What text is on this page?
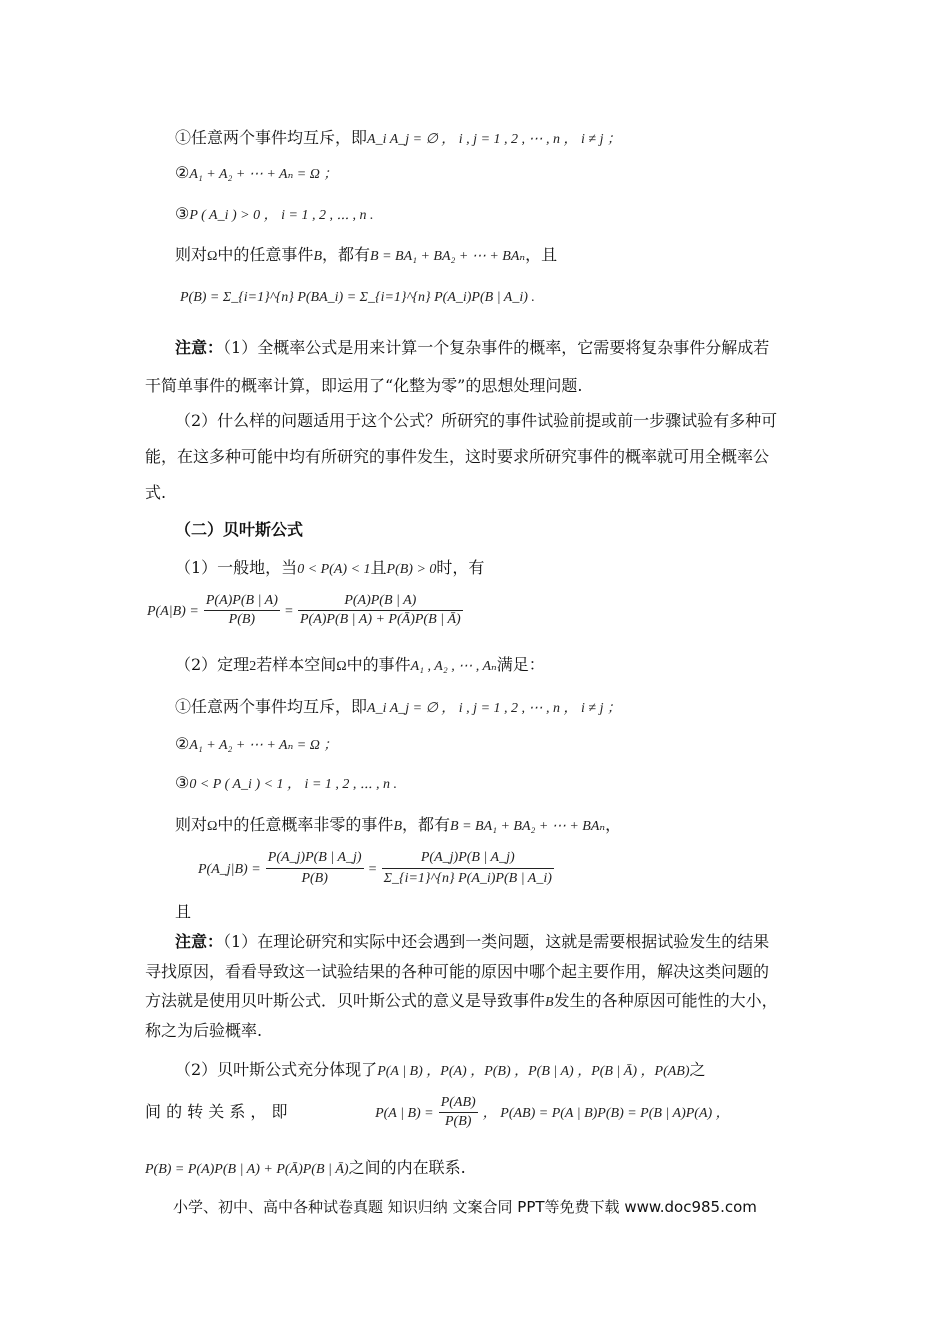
①任意两个事件均互斥，即A_i A_j = ∅ ， i , j = 1 , 2 , ⋯ , n ， i ≠ j ；
②A₁ + A₂ + ⋯ + Aₙ = Ω ；
③P ( A_i ) > 0 ， i = 1 , 2 , ⋯ , n .
则对Ω中的任意事件B，都有B = BA₁ + BA₂ + ⋯ + BAₙ，且
P(B) = Σ_{i=1}^{n} P(BA_i) = Σ_{i=1}^{n} P(A_i)P(B | A_i) .
注意：（1）全概率公式是用来计算一个复杂事件的概率，它需要将复杂事件分解成若
干简单事件的概率计算，即运用了“化整为零”的思想处理问题.
（2）什么样的问题适用于这个公式？所研究的事件试验前提或前一步骤试验有多种可
能，在这多种可能中均有所研究的事件发生，这时要求所研究事件的概率就可用全概率公
式.
（二）贝叶斯公式
（1）一般地，当0 < P(A) < 1且P(B) > 0时，有
$P(A|B) = \frac{P(A)P(B | A)}{P(B)} = \frac{P(A)P(B | A)}{P(A)P(B | A) + P(Ā)P(B | Ā)}$
（2）定理2若样本空间Ω中的事件A₁ , A₂ , ⋯ , Aₙ满足：
①任意两个事件均互斥，即A_i A_j = ∅ ， i , j = 1 , 2 , ⋯ , n ， i ≠ j ；
②A₁ + A₂ + ⋯ + Aₙ = Ω ；
③0 < P ( A_i ) < 1 ， i = 1 , 2 , ⋯ , n .
则对Ω中的任意概率非零的事件B，都有B = BA₁ + BA₂ + ⋯ + BAₙ，
P(A_j|B) = $\frac{P(A\_j)P(B | A\_j)}{P(B)} = \frac{P(A\_j)P(B | A\_j)}{\Sigma\_\{i=1\}\^{}\{n\} P(A\_i)P(B | A\_i)}$
且
注意：（1）在理论研究和实际中还会遇到一类问题，这就是需要根据试验发生的结果
寻找原因，看看导致这一试验结果的各种可能的原因中哪个起主要作用，解决这类问题的
方法就是使用贝叶斯公式．贝叶斯公式的意义是导致事件B发生的各种原因可能性的大小，
称之为后验概率.
（2）贝叶斯公式充分体现了P(A | B) ，P(A) ，P(B) ，P(B | A) ，P(B | Ā) ，P(AB)之
间 的 转 关 系 ， 即	P(A | $B) = \frac{P(AB)}{P(B)}$ ， P(AB) = P(A | B)P(B) = P(B | A)P(A) ，
P(B) = P(A)P(B | A) + P(Ā)P(B | Ā)之间的内在联系.
小学、初中、高中各种试卷真题 知识归纳 文案合同 PPT等免费下载 www.doc985.com
